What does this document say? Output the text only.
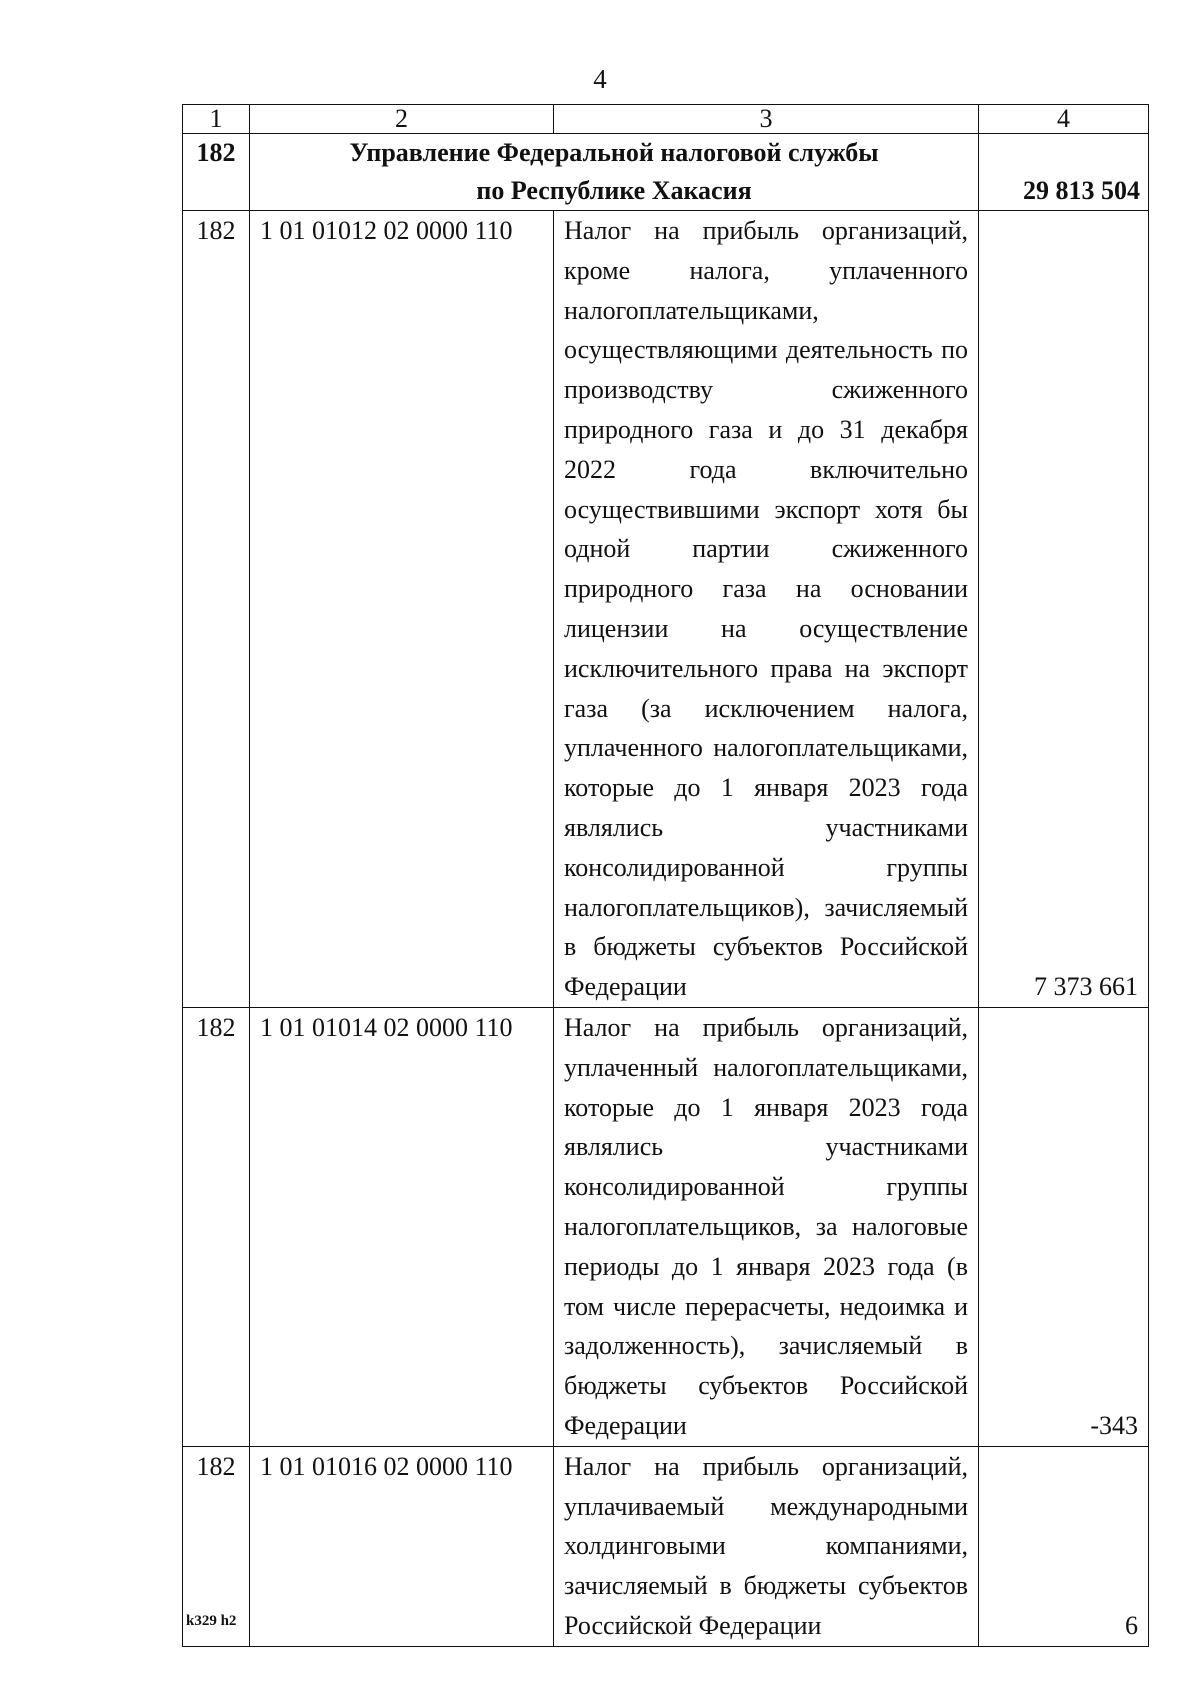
4
1	2	3	4
182	Управление Федеральной налоговой службы
по Республике Хакасия		29 813 504
182	1 01 01012 02 0000 110	Налог на прибыль организаций, кроме налога, уплаченного налогоплательщиками, осуществляющими деятельность по производству сжиженного природного газа и до 31 декабря 2022 года включительно осуществившими экспорт хотя бы одной партии сжиженного природного газа на основании лицензии на осуществление исключительного права на экспорт газа (за исключением налога, уплаченного налогоплательщиками, которые до 1 января 2023 года являлись участниками консолидированной группы налогоплательщиков), зачисляемый в бюджеты субъектов Российской Федерации	7 373 661
182	1 01 01014 02 0000 110	Налог на прибыль организаций, уплаченный налогоплательщиками, которые до 1 января 2023 года являлись участниками консолидированной группы налогоплательщиков, за налоговые периоды до 1 января 2023 года (в том числе перерасчеты, недоимка и задолженность), зачисляемый в бюджеты субъектов Российской Федерации	-343
182	1 01 01016 02 0000 110	Налог на прибыль организаций, уплачиваемый международными холдинговыми компаниями, зачисляемый в бюджеты субъектов Российской Федерации	6
k329 h2
